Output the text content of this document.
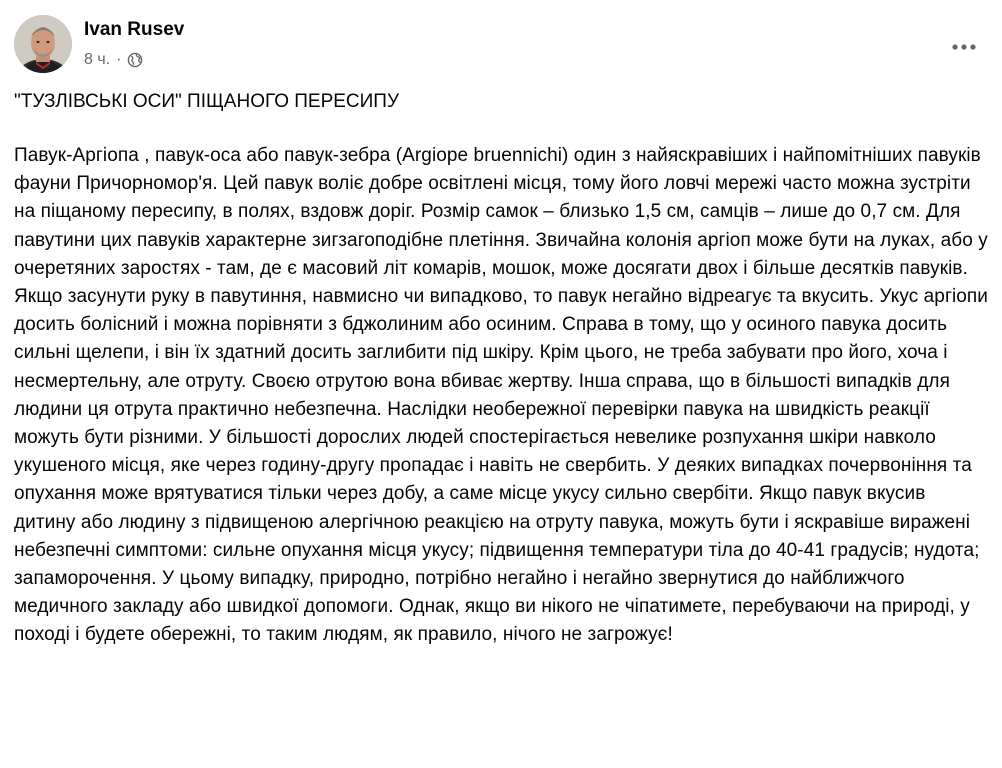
Ivan Rusev
8 ч. ·

"ТУЗЛІВСЬКІ ОСИ" ПІЩАНОГО ПЕРЕСИПУ

Павук-Аргіопа , павук-оса або павук-зебра (Argiope bruennichi) один з найяскравіших і найпомітніших павуків фауни Причорномор'я. Цей павук воліє добре освітлені місця, тому його ловчі мережі часто можна зустріти на піщаному пересипу, в полях, вздовж доріг. Розмір самок – близько 1,5 см, самців – лише до 0,7 см. Для павутини цих павуків характерне зигзагоподібне плетіння. Звичайна колонія аргіоп може бути на луках, або у очеретяних заростях - там, де є масовий літ комарів, мошок, може досягати двох і більше десятків павуків. Якщо засунути руку в павутиння, навмисно чи випадково, то павук негайно відреагує та вкусить. Укус аргіопи досить болісний і можна порівняти з бджолиним або осиним. Справа в тому, що у осиного павука досить сильні щелепи, і він їх здатний досить заглибити під шкіру. Крім цього, не треба забувати про його, хоча і несмертельну, але отруту. Своєю отрутою вона вбиває жертву. Інша справа, що в більшості випадків для людини ця отрута практично небезпечна. Наслідки необережної перевірки павука на швидкість реакції можуть бути різними. У більшості дорослих людей спостерігається невелике розпухання шкіри навколо укушеного місця, яке через годину-другу пропадає і навіть не свербить. У деяких випадках почервоніння та опухання може врятуватися тільки через добу, а саме місце укусу сильно свербіти. Якщо павук вкусив дитину або людину з підвищеною алергічною реакцією на отруту павука, можуть бути і яскравіше виражені небезпечні симптоми: сильне опухання місця укусу; підвищення температури тіла до 40-41 градусів; нудота; запаморочення. У цьому випадку, природно, потрібно негайно і негайно звернутися до найближчого медичного закладу або швидкої допомоги. Однак, якщо ви нікого не чіпатимете, перебуваючи на природі, у поході і будете обережні, то таким людям, як правило, нічого не загрожує!
